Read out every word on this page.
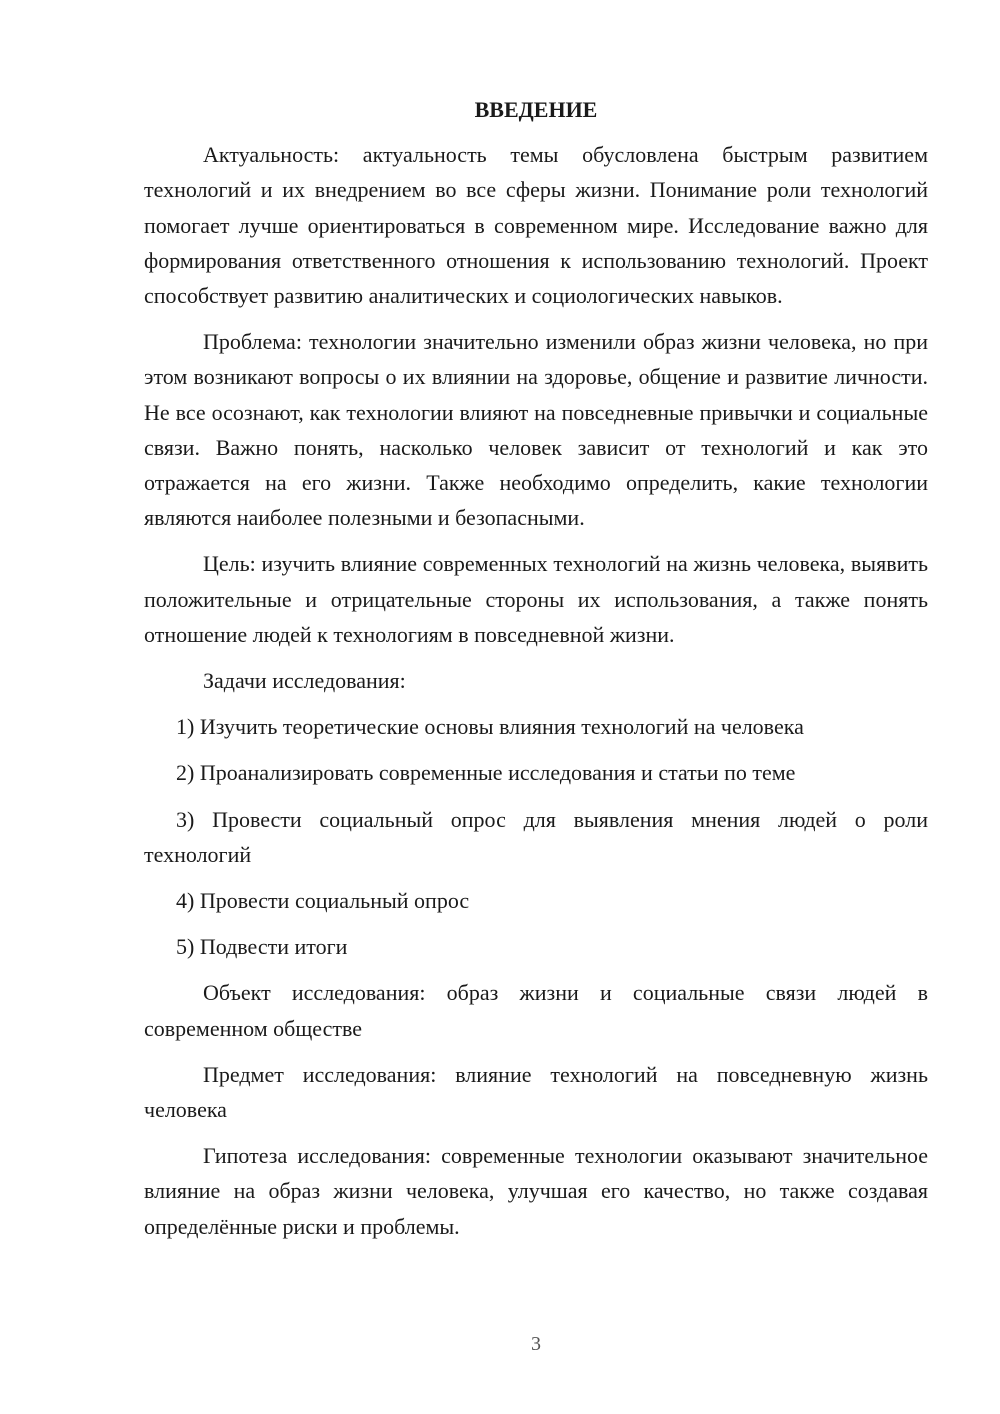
ВВЕДЕНИЕ

Актуальность: актуальность темы обусловлена быстрым развитием технологий и их внедрением во все сферы жизни. Понимание роли технологий помогает лучше ориентироваться в современном мире. Исследование важно для формирования ответственного отношения к использованию технологий. Проект способствует развитию аналитических и социологических навыков.

Проблема: технологии значительно изменили образ жизни человека, но при этом возникают вопросы о их влиянии на здоровье, общение и развитие личности. Не все осознают, как технологии влияют на повседневные привычки и социальные связи. Важно понять, насколько человек зависит от технологий и как это отражается на его жизни. Также необходимо определить, какие технологии являются наиболее полезными и безопасными.

Цель: изучить влияние современных технологий на жизнь человека, выявить положительные и отрицательные стороны их использования, а также понять отношение людей к технологиям в повседневной жизни.

Задачи исследования:

1) Изучить теоретические основы влияния технологий на человека

2) Проанализировать современные исследования и статьи по теме

3) Провести социальный опрос для выявления мнения людей о роли технологий

4) Провести социальный опрос

5) Подвести итоги

Объект исследования: образ жизни и социальные связи людей в современном обществе

Предмет исследования: влияние технологий на повседневную жизнь человека

Гипотеза исследования: современные технологии оказывают значительное влияние на образ жизни человека, улучшая его качество, но также создавая определённые риски и проблемы.

3
